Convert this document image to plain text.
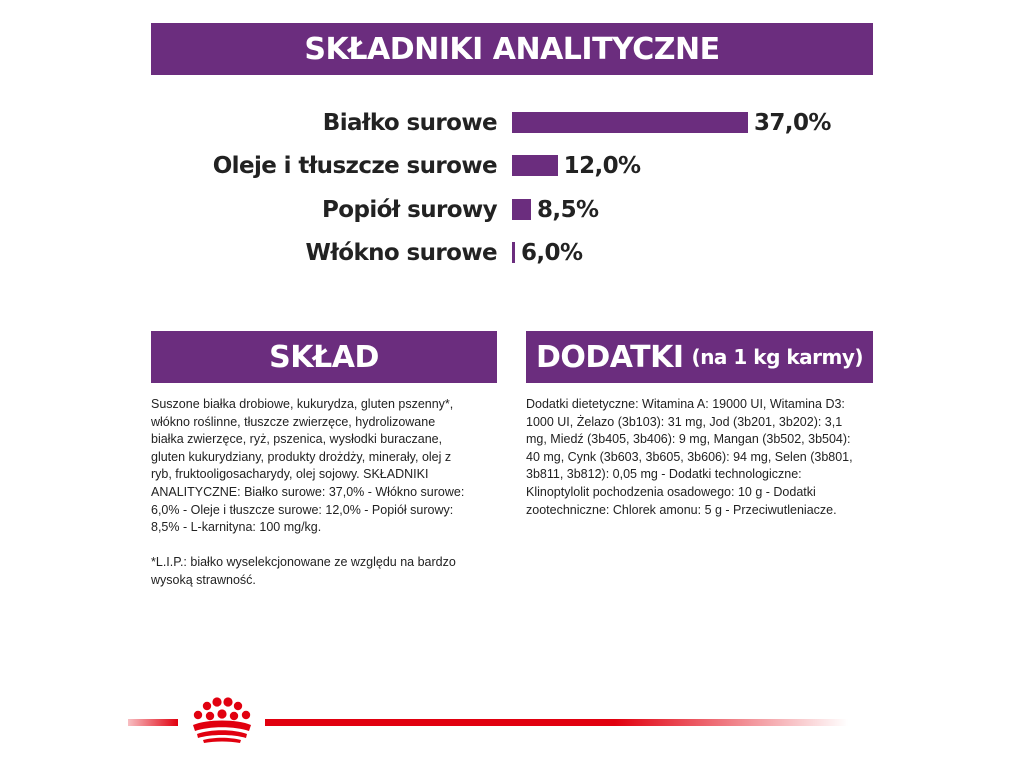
SKŁADNIKI ANALITYCZNE
Białko surowe	37,0%
Oleje i tłuszcze surowe	12,0%
Popiół surowy 8,5%
Włókno surowe 6,0%
SKŁAD	DODATKI (na 1 kg karmy)

Suszone białka drobiowe, kukurydza, gluten pszenny*, włókno roślinne, tłuszcze zwierzęce, hydrolizowane białka zwierzęce, ryż, pszenica, wysłodki buraczane, gluten kukurydziany, produkty drożdży, minerały, olej z ryb, fruktooligosacharydy, olej sojowy. SKŁADNIKI ANALITYCZNE: Białko surowe: 37,0% - Włókno surowe: 6,0% - Oleje i tłuszcze surowe: 12,0% - Popiół surowy: 8,5% - L-karnityna: 100 mg/kg.

*L.I.P.: białko wyselekcjonowane ze względu na bardzo wysoką strawność.

Dodatki dietetyczne: Witamina A: 19000 UI, Witamina D3: 1000 UI, Żelazo (3b103): 31 mg, Jod (3b201, 3b202): 3,1 mg, Miedź (3b405, 3b406): 9 mg, Mangan (3b502, 3b504): 40 mg, Cynk (3b603, 3b605, 3b606): 94 mg, Selen (3b801, 3b811, 3b812): 0,05 mg - Dodatki technologiczne: Klinoptylolit pochodzenia osadowego: 10 g - Dodatki zootechniczne: Chlorek amonu: 5 g - Przeciwutleniacze.
